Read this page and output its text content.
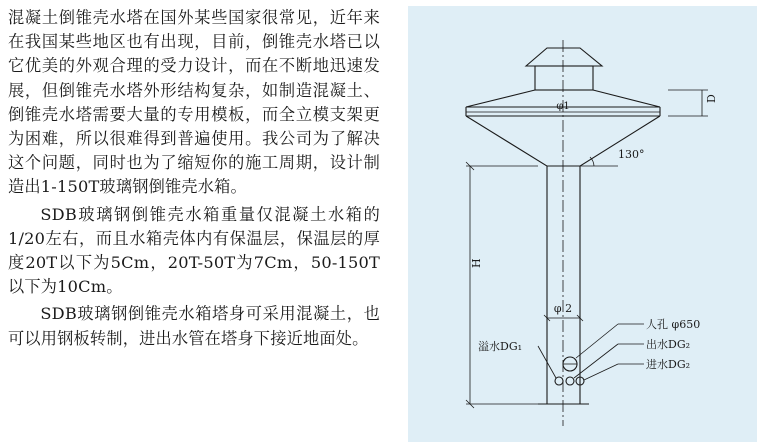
混凝土倒锥壳水塔在国外某些国家很常见，近年来在我国某些地区也有出现，目前，倒锥壳水塔已以它优美的外观合理的受力设计，而在不断地迅速发展，但倒锥壳水塔外形结构复杂，如制造混凝土、倒锥壳水塔需要大量的专用模板，而全立模支架更为困难，所以很难得到普遍使用。我公司为了解决这个问题，同时也为了缩短你的施工周期，设计制造出1-150T玻璃钢倒锥壳水箱。

SDB玻璃钢倒锥壳水箱重量仅混凝土水箱的1/20左右，而且水箱壳体内有保温层，保温层的厚度20T以下为5Cm，20T-50T为7Cm，50-150T以下为10Cm。

SDB玻璃钢倒锥壳水箱塔身可采用混凝土，也可以用钢板转制，进出水管在塔身下接近地面处。

φ1
D
130°
H
φ 2
人孔 φ650
溢水DG₁	出水DG₂
进水DG₂
